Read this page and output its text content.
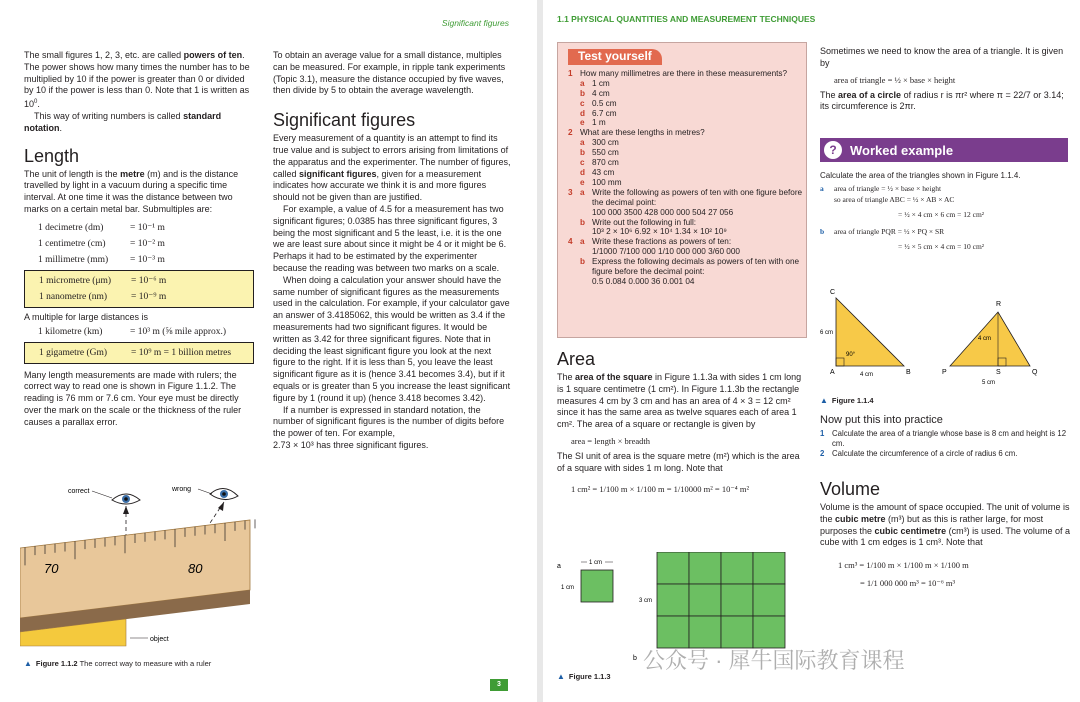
Significant figures

The small figures 1, 2, 3, etc. are called powers of ten. The power shows how many times the number has to be multiplied by 10 if the power is greater than 0 or divided by 10 if the power is less than 0. Note that 1 is written as $10^0$.

This way of writing numbers is called standard notation.

Length

The unit of length is the metre (m) and is the distance travelled by light in a vacuum during a specific time interval. At one time it was the distance between two marks on a certain metal bar. Submultiples are:

1 decimetre (dm)	= 10⁻¹ m
1 centimetre (cm)	= 10⁻² m
1 millimetre (mm)	= 10⁻³ m
1 micrometre (μm)	= 10⁻⁶ m
1 nanometre (nm)	= 10⁻⁹ m

A multiple for large distances is

1 kilometre (km)	= 10³ m (⅝ mile approx.)
1 gigametre (Gm)	= 10⁹ m = 1 billion metres

Many length measurements are made with rulers; the correct way to read one is shown in Figure 1.1.2. The reading is 76 mm or 7.6 cm. Your eye must be directly over the mark on the scale or the thickness of the ruler causes a parallax error.

correct	wrong
70	80
object
▲ Figure 1.1.2 The correct way to measure with a ruler

To obtain an average value for a small distance, multiples can be measured. For example, in ripple tank experiments (Topic 3.1), measure the distance occupied by five waves, then divide by 5 to obtain the average wavelength.

Significant figures

Every measurement of a quantity is an attempt to find its true value and is subject to errors arising from limitations of the apparatus and the experimenter. The number of figures, called significant figures, given for a measurement indicates how accurate we think it is and more figures should not be given than are justified.

For example, a value of 4.5 for a measurement has two significant figures; 0.0385 has three significant figures, 3 being the most significant and 5 the least, i.e. it is the one we are least sure about since it might be 4 or it might be 6. Perhaps it had to be estimated by the experimenter because the reading was between two marks on a scale.

When doing a calculation your answer should have the same number of significant figures as the measurements used in the calculation. For example, if your calculator gave an answer of 3.4185062, this would be written as 3.4 if the measurements had two significant figures. It would be written as 3.42 for three significant figures. Note that in deciding the least significant figure you look at the next figure to the right. If it is less than 5, you leave the least significant figure as it is (hence 3.41 becomes 3.4), but if it equals or is greater than 5 you increase the least significant figure by 1 (round it up) (hence 3.418 becomes 3.42).

If a number is expressed in standard notation, the number of significant figures is the number of digits before the power of ten. For example,

2.73 × 10³ has three significant figures.

3
1.1 PHYSICAL QUANTITIES AND MEASUREMENT TECHNIQUES
Test yourself
1 How many millimetres are there in these measurements?
a 1 cm
b 4 cm
c 0.5 cm
d 6.7 cm
e 1 m
2 What are these lengths in metres?
a 300 cm
b 550 cm
c 870 cm
d 43 cm
e 100 mm
3 a Write the following as powers of ten with one figure before the decimal point:
100 000 3500 428 000 000 504 27 056
b Write out the following in full:
10³ 2 × 10⁶ 6.92 × 10⁴ 1.34 × 10² 10⁹
4 a Write these fractions as powers of ten:
1/1000 7/100 000 1/10 000 000 3/60 000
b Express the following decimals as powers of ten with one figure before the decimal point:
0.5 0.084 0.000 36 0.001 04
Area

The area of the square in Figure 1.1.3a with sides 1 cm long is 1 square centimetre (1 cm²). In Figure 1.1.3b the rectangle measures 4 cm by 3 cm and has an area of 4 × 3 = 12 cm² since it has the same area as twelve squares each of area 1 cm². The area of a square or rectangle is given by

area = length × breadth

The SI unit of area is the square metre (m²) which is the area of a square with sides 1 m long. Note that

1 cm² = 1/100 m × 1/100 m = 1/10000 m² = 10⁻⁴ m²

a	1 cm
1 cm
3 cm
b
▲ Figure 1.1.3

Sometimes we need to know the area of a triangle. It is given by

area of triangle = ½ × base × height

The area of a circle of radius r is πr² where π = 22/7 or 3.14; its circumference is 2πr.

?	Worked example
Calculate the area of the triangles shown in Figure 1.1.4.
a	area of triangle = ½ × base × height
so area of triangle ABC = ½ × AB × AC
= ½ × 4 cm × 6 cm = 12 cm²
b	area of triangle PQR = ½ × PQ × SR
= ½ × 5 cm × 4 cm = 10 cm²
C
A	B
6 cm
90°
4 cm
R
P	S	Q
4 cm
5 cm
▲ Figure 1.1.4
Now put this into practice
1 Calculate the area of a triangle whose base is 8 cm and height is 12 cm.
2 Calculate the circumference of a circle of radius 6 cm.
Volume

Volume is the amount of space occupied. The unit of volume is the cubic metre (m³) but as this is rather large, for most purposes the cubic centimetre (cm³) is used. The volume of a cube with 1 cm edges is 1 cm³. Note that

1 cm³ = 1/100 m × 1/100 m × 1/100 m

= 1/1 000 000 m³ = 10⁻⁶ m³

公众号 · 犀牛国际教育课程
